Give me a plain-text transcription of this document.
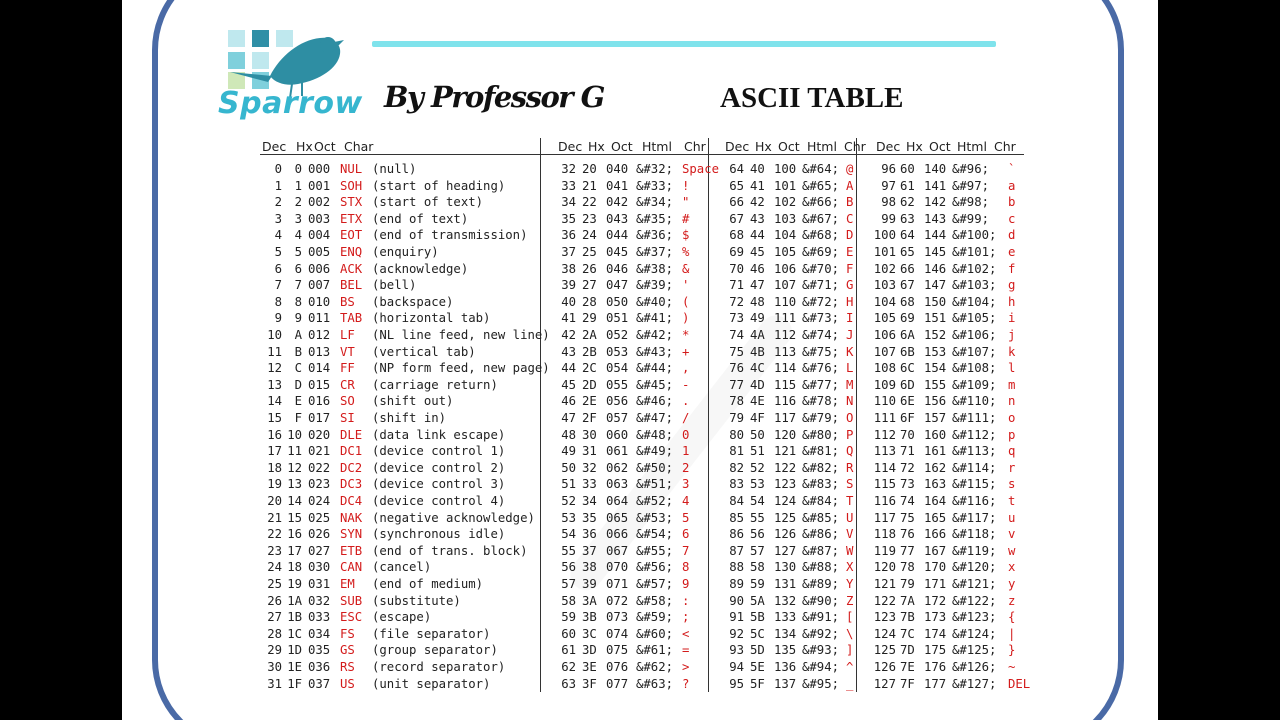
Sparrow By Professor G	ASCII TABLE
Dec Hx Oct Char	Dec Hx Oct Html Chr Dec Hx Oct Html Chr Dec Hx Oct Html Chr
0	0 000 NUL (null)	32 20 040 &#32; Space 64 40 100 &#64; @	96 60 140 &#96;	`
1	1 001 SOH (start of heading)	33 21 041 &#33; !	65 41 101 &#65; A	97 61 141 &#97;	a
2	2 002 STX (start of text)	34 22 042 &#34; "	66 42 102 &#66; B	98 62 142 &#98;	b
3	3 003 ETX (end of text)	35 23 043 &#35; #	67 43 103 &#67; C	99 63 143 &#99;	c
4	4 004 EOT (end of transmission)	36 24 044 &#36; $	68 44 104 &#68; D	100 64 144 &#100; d
5	5 005 ENQ (enquiry)	37 25 045 &#37; %	69 45 105 &#69; E	101 65 145 &#101; e
6	6 006 ACK (acknowledge)	38 26 046 &#38; &	70 46 106 &#70; F	102 66 146 &#102; f
7	7 007 BEL (bell)	39 27 047 &#39; '	71 47 107 &#71; G	103 67 147 &#103; g
8	8 010 BS	(backspace)	40 28 050 &#40; (	72 48 110 &#72; H	104 68 150 &#104; h
9	9 011 TAB (horizontal tab)	41 29 051 &#41; )	73 49 111 &#73; I	105 69 151 &#105; i
10	A 012 LF	(NL line feed, new line) 42 2A 052 &#42; *	74 4A 112 &#74; J	106 6A 152 &#106; j
11	B 013 VT	(vertical tab)	43 2B 053 &#43; +	75 4B 113 &#75; K	107 6B 153 &#107; k
12	C 014 FF	(NP form feed, new page) 44 2C 054 &#44; ,	76 4C 114 &#76; L	108 6C 154 &#108; l
13	D 015 CR	(carriage return)	45 2D 055 &#45; -	77 4D 115 &#77; M	109 6D 155 &#109; m
14	E 016 SO	(shift out)	46 2E 056 &#46; .	78 4E 116 &#78; N	110 6E 156 &#110; n
15	F 017 SI	(shift in)	47 2F 057 &#47; /	79 4F 117 &#79; O	111 6F 157 &#111; o
16 10 020 DLE (data link escape)	48 30 060 &#48; 0	80 50 120 &#80; P	112 70 160 &#112; p
17 11 021 DC1 (device control 1)	49 31 061 &#49; 1	81 51 121 &#81; Q	113 71 161 &#113; q
18 12 022 DC2 (device control 2)	50 32 062 &#50; 2	82 52 122 &#82; R	114 72 162 &#114; r
19 13 023 DC3 (device control 3)	51 33 063 &#51; 3	83 53 123 &#83; S	115 73 163 &#115; s
20 14 024 DC4 (device control 4)	52 34 064 &#52; 4	84 54 124 &#84; T	116 74 164 &#116; t
21 15 025 NAK (negative acknowledge)	53 35 065 &#53; 5	85 55 125 &#85; U	117 75 165 &#117; u
22 16 026 SYN (synchronous idle)	54 36 066 &#54; 6	86 56 126 &#86; V	118 76 166 &#118; v
23 17 027 ETB (end of trans. block)	55 37 067 &#55; 7	87 57 127 &#87; W	119 77 167 &#119; w
24 18 030 CAN (cancel)	56 38 070 &#56; 8	88 58 130 &#88; X	120 78 170 &#120; x
25 19 031 EM	(end of medium)	57 39 071 &#57; 9	89 59 131 &#89; Y	121 79 171 &#121; y
26 1A 032 SUB (substitute)	58 3A 072 &#58; :	90 5A 132 &#90; Z	122 7A 172 &#122; z
27 1B 033 ESC (escape)	59 3B 073 &#59; ;	91 5B 133 &#91; [	123 7B 173 &#123; {
28 1C 034 FS	(file separator)	60 3C 074 &#60; <	92 5C 134 &#92; \	124 7C 174 &#124; |
29 1D 035 GS	(group separator)	61 3D 075 &#61; =	93 5D 135 &#93; ]	125 7D 175 &#125; }
30 1E 036 RS	(record separator)	62 3E 076 &#62; >	94 5E 136 &#94; ^	126 7E 176 &#126; ~
31 1F 037 US	(unit separator)	63 3F 077 &#63; ?	95 5F 137 &#95; _	127 7F 177 &#127; DEL
